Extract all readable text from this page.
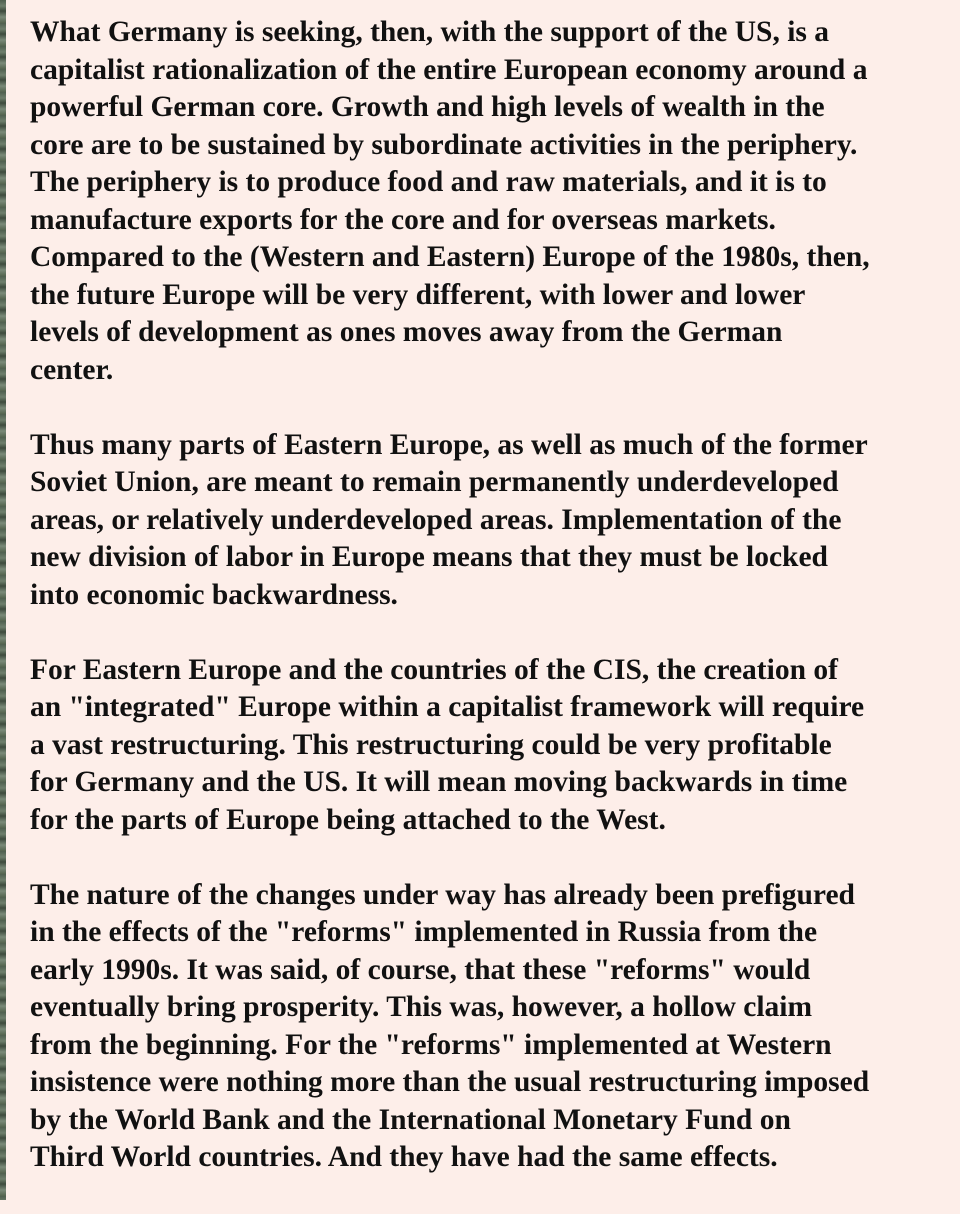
What Germany is seeking, then, with the support of the US, is a
capitalist rationalization of the entire European economy around a
powerful German core. Growth and high levels of wealth in the
core are to be sustained by subordinate activities in the periphery.
The periphery is to produce food and raw materials, and it is to
manufacture exports for the core and for overseas markets.
Compared to the (Western and Eastern) Europe of the 1980s, then,
the future Europe will be very different, with lower and lower
levels of development as ones moves away from the German
center.

Thus many parts of Eastern Europe, as well as much of the former
Soviet Union, are meant to remain permanently underdeveloped
areas, or relatively underdeveloped areas. Implementation of the
new division of labor in Europe means that they must be locked
into economic backwardness.

For Eastern Europe and the countries of the CIS, the creation of
an "integrated" Europe within a capitalist framework will require
a vast restructuring. This restructuring could be very profitable
for Germany and the US. It will mean moving backwards in time
for the parts of Europe being attached to the West.

The nature of the changes under way has already been prefigured
in the effects of the "reforms" implemented in Russia from the
early 1990s. It was said, of course, that these "reforms" would
eventually bring prosperity. This was, however, a hollow claim
from the beginning. For the "reforms" implemented at Western
insistence were nothing more than the usual restructuring imposed
by the World Bank and the International Monetary Fund on
Third World countries. And they have had the same effects.
